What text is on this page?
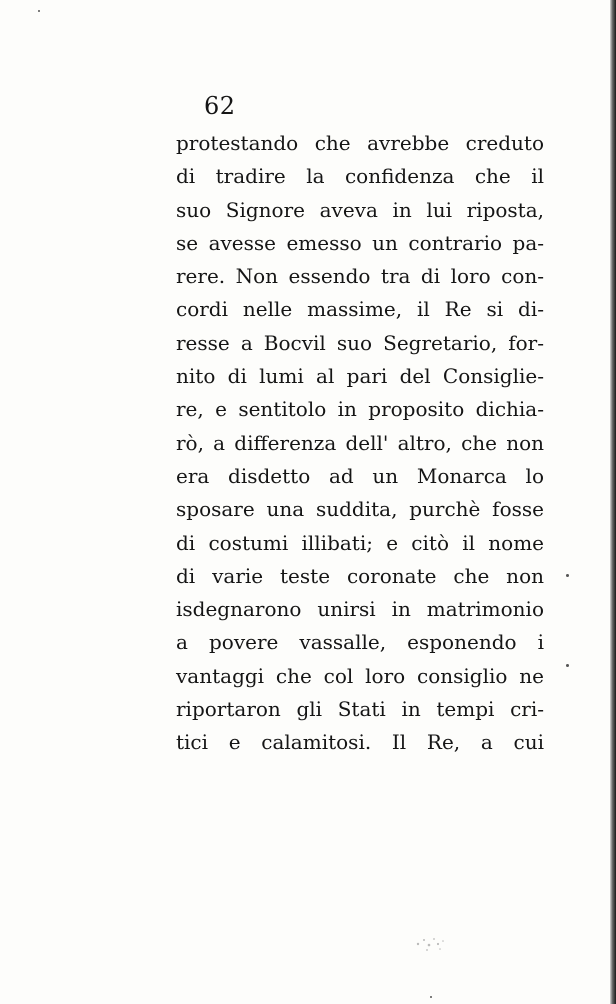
62
protestando che avrebbe creduto
di tradire la confidenza che il
suo Signore aveva in lui riposta,
se avesse emesso un contrario pa-
rere. Non essendo tra di loro con-
cordi nelle massime, il Re si di-
resse a Bocvil suo Segretario, for-
nito di lumi al pari del Consiglie-
re, e sentitolo in proposito dichia-
rò, a differenza dell' altro, che non
era disdetto ad un Monarca lo
sposare una suddita, purchè fosse
di costumi illibati; e citò il nome
di varie teste coronate che non
isdegnarono unirsi in matrimonio
a povere vassalle, esponendo i
vantaggi che col loro consiglio ne
riportaron gli Stati in tempi cri-
tici e calamitosi. Il Re, a cui
